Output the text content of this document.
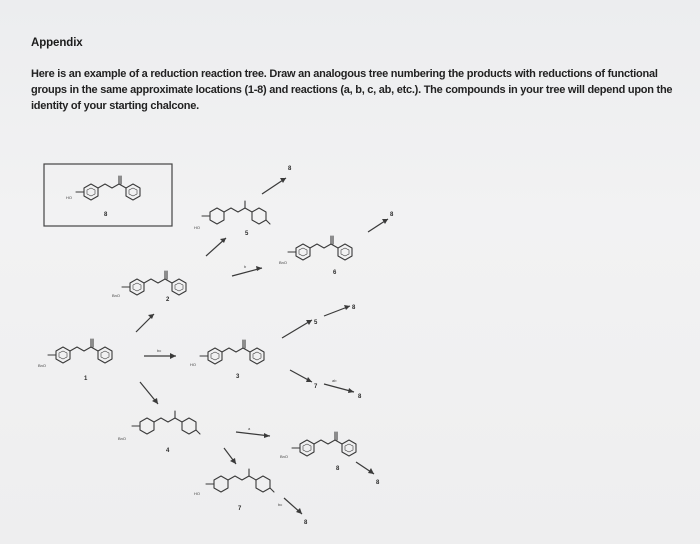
Appendix
Here is an example of a reduction reaction tree. Draw an analogous tree numbering the products with reductions of functional groups in the same approximate locations (1-8) and reactions (a, b, c, ab, etc.). The compounds in your tree will depend upon the identity of your starting chalcone.
HO
8
HO
5
8
BnO
6
8
BnO
2
b
BnO
1
bc
HO
3
5
8
7
ab
8
BnO
4
a
BnO
8
8
HO
7
bc
8
